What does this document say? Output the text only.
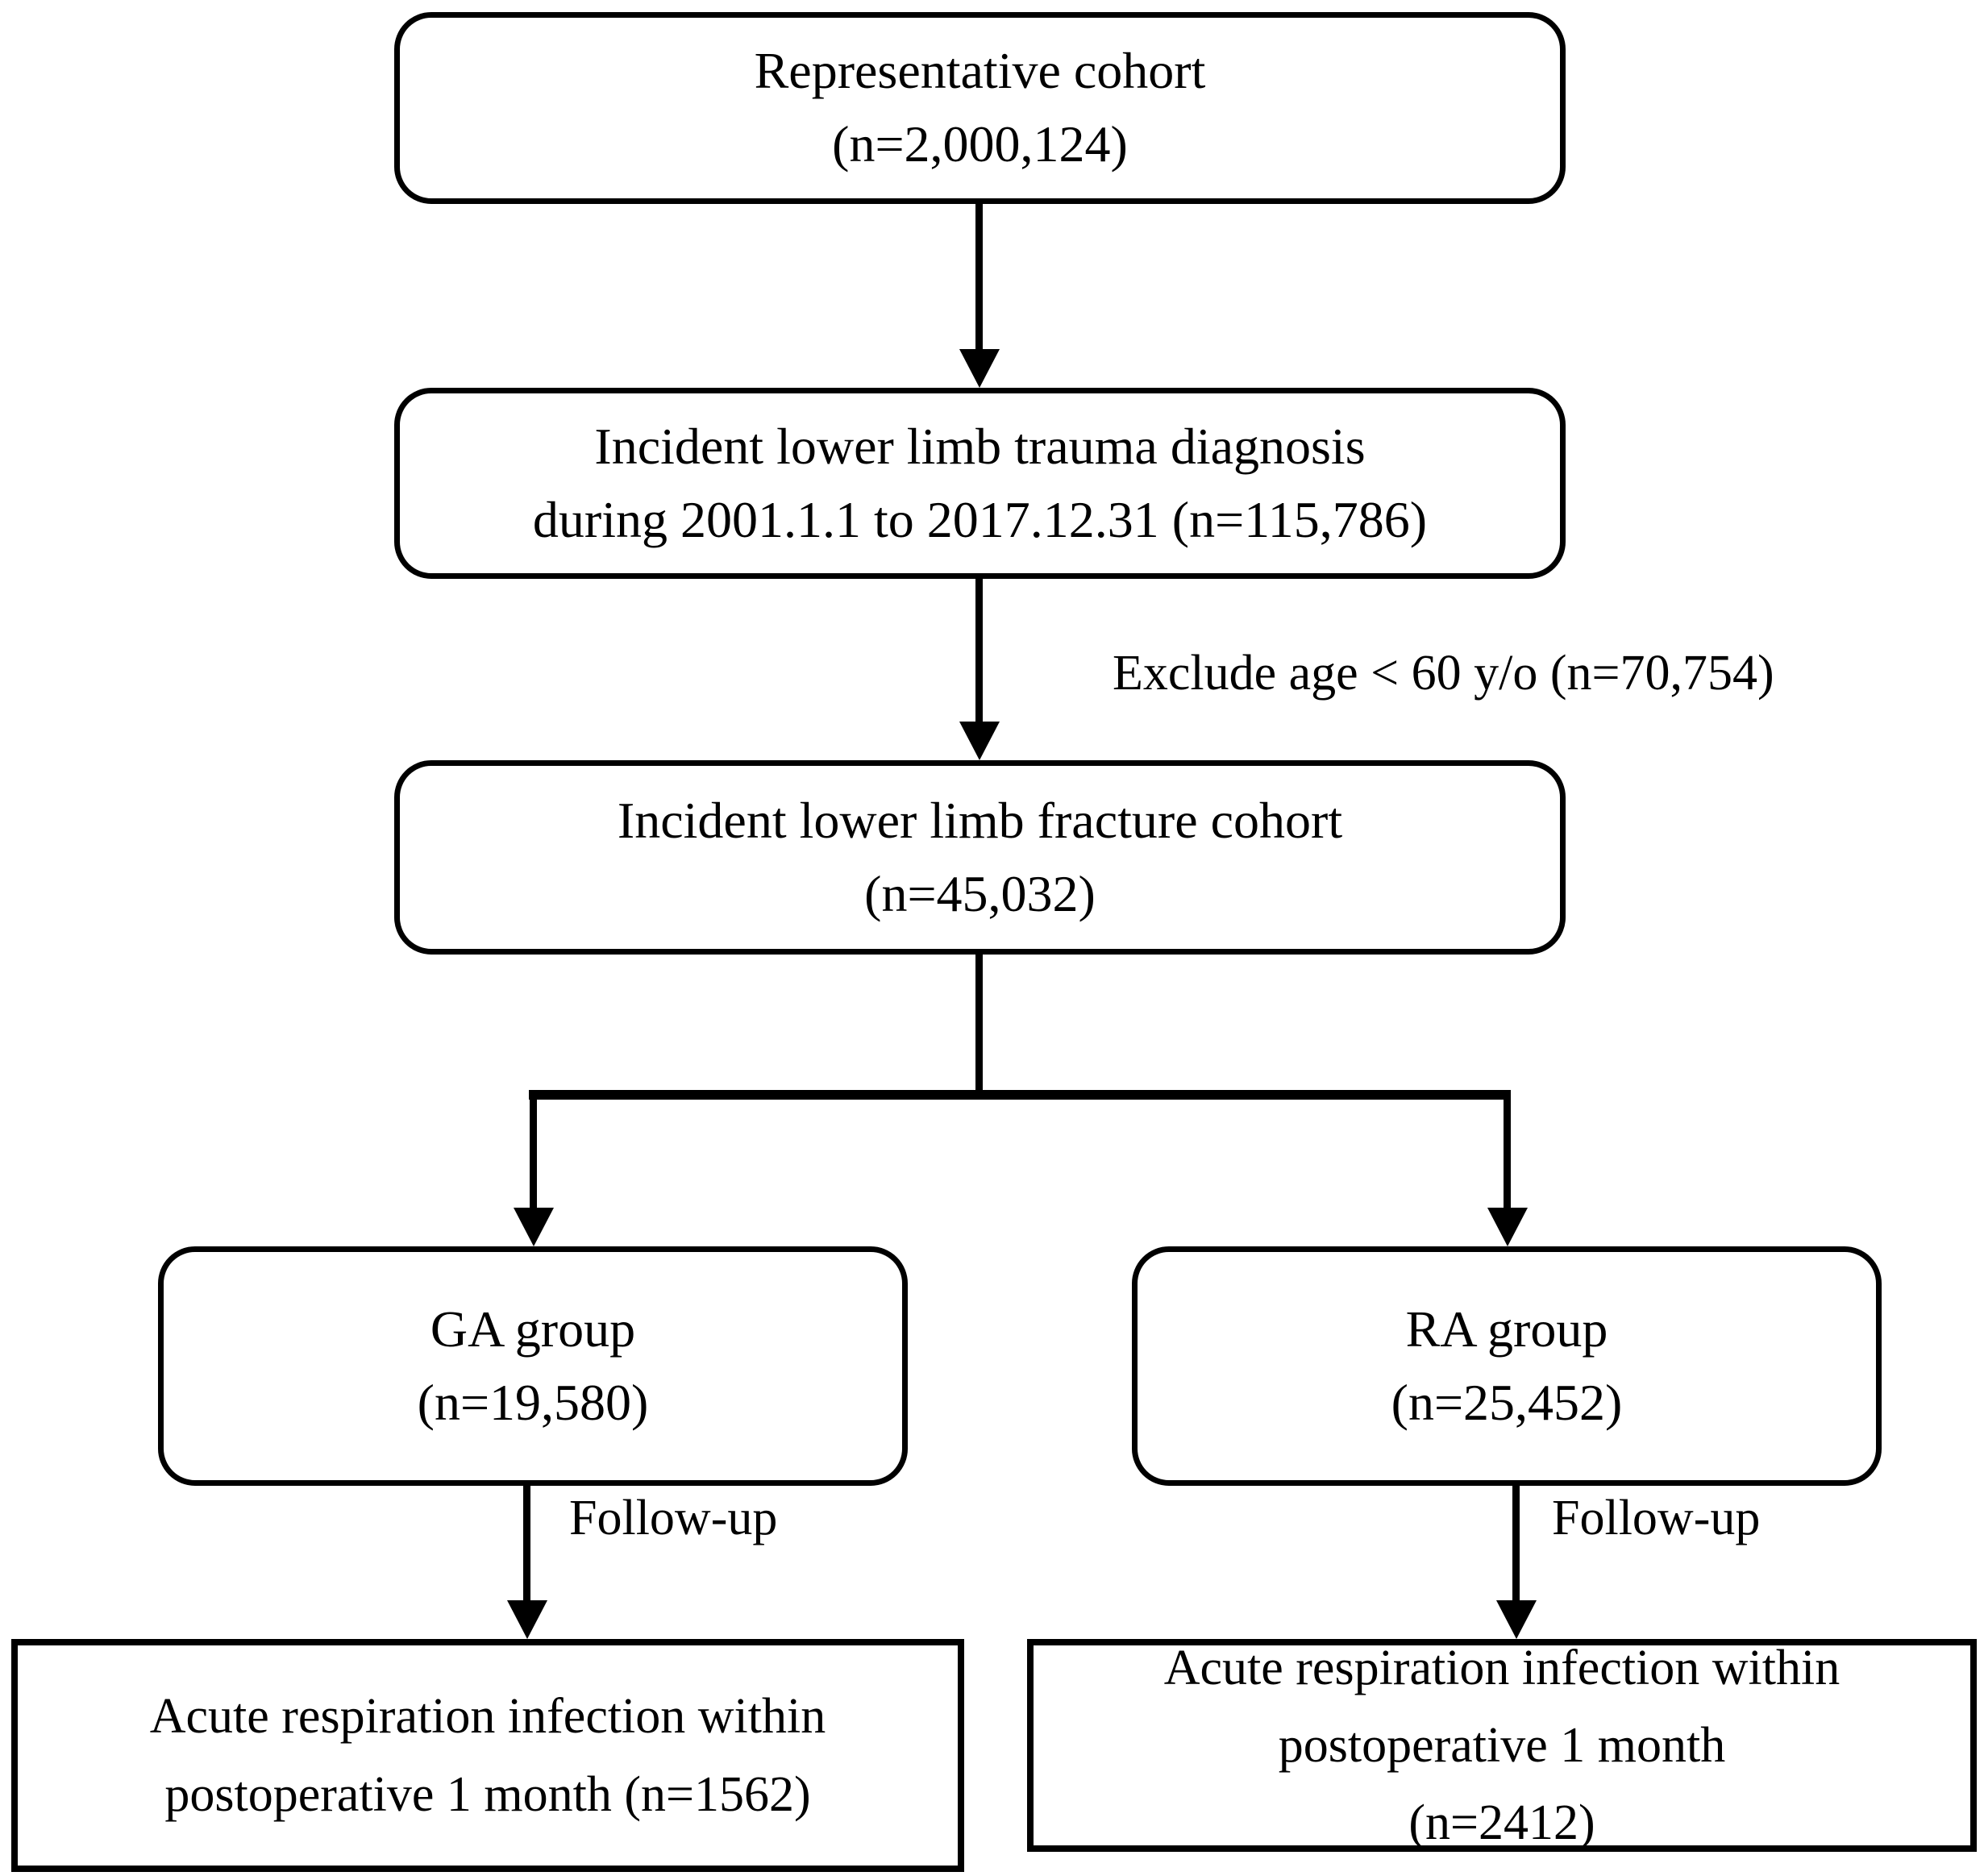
Representative cohort
(n=2,000,124)
Incident lower limb trauma diagnosis
during 2001.1.1 to 2017.12.31 (n=115,786)
Exclude age < 60 y/o (n=70,754)
Incident lower limb fracture cohort
(n=45,032)
GA group
(n=19,580)
RA group
(n=25,452)
Follow-up	Follow-up
Acute respiration infection within
postoperative 1 month (n=1562)
Acute respiration infection within
postoperative 1 month
(n=2412)
